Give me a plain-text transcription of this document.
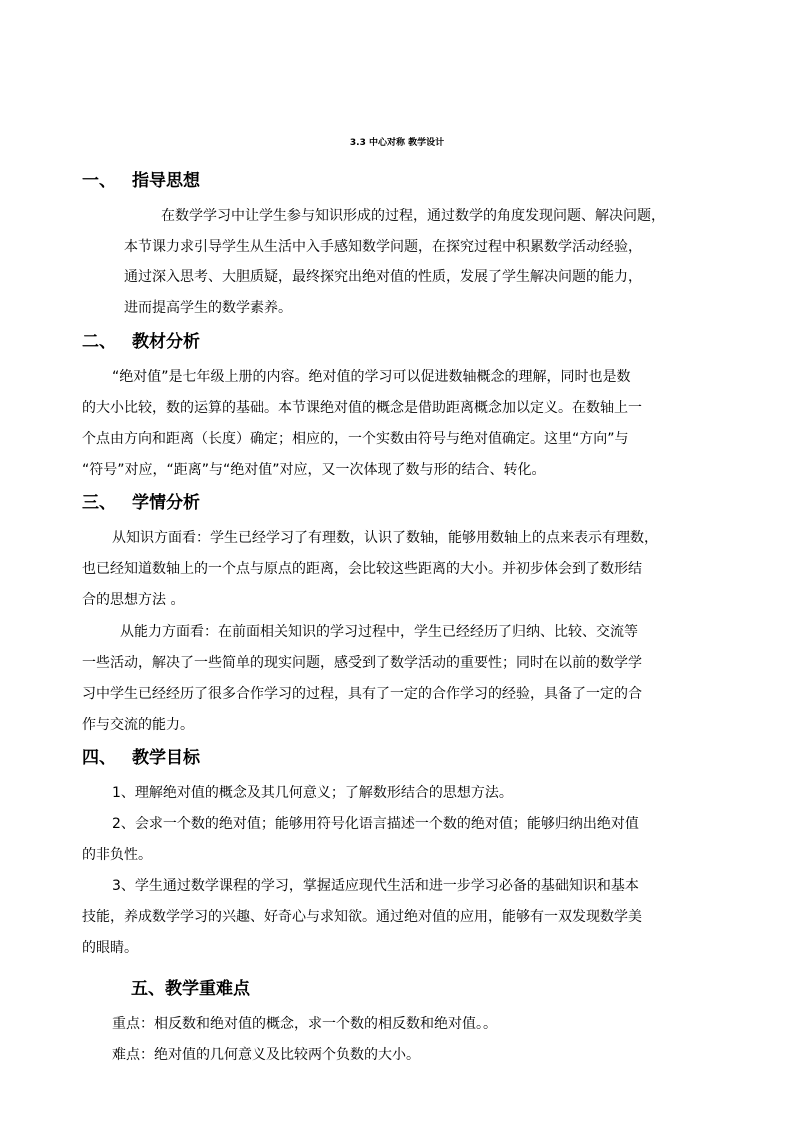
3.3 中心对称 教学设计
一、 指导思想
在数学学习中让学生参与知识形成的过程，通过数学的角度发现问题、解决问题，
本节课力求引导学生从生活中入手感知数学问题，在探究过程中积累数学活动经验，
通过深入思考、大胆质疑，最终探究出绝对值的性质，发展了学生解决问题的能力，
进而提高学生的数学素养。
二、 教材分析
“绝对值”是七年级上册的内容。绝对值的学习可以促进数轴概念的理解，同时也是数
的大小比较，数的运算的基础。本节课绝对值的概念是借助距离概念加以定义。在数轴上一
个点由方向和距离（长度）确定；相应的，一个实数由符号与绝对值确定。这里“方向”与
“符号”对应，“距离”与“绝对值”对应，又一次体现了数与形的结合、转化。
三、 学情分析
从知识方面看：学生已经学习了有理数，认识了数轴，能够用数轴上的点来表示有理数，
也已经知道数轴上的一个点与原点的距离，会比较这些距离的大小。并初步体会到了数形结
合的思想方法 。
从能力方面看：在前面相关知识的学习过程中，学生已经经历了归纳、比较、交流等
一些活动，解决了一些简单的现实问题，感受到了数学活动的重要性；同时在以前的数学学
习中学生已经经历了很多合作学习的过程，具有了一定的合作学习的经验，具备了一定的合
作与交流的能力。
四、 教学目标
1、理解绝对值的概念及其几何意义；了解数形结合的思想方法。
2、会求一个数的绝对值；能够用符号化语言描述一个数的绝对值；能够归纳出绝对值
的非负性。
3、学生通过数学课程的学习，掌握适应现代生活和进一步学习必备的基础知识和基本
技能，养成数学学习的兴趣、好奇心与求知欲。通过绝对值的应用，能够有一双发现数学美
的眼睛。
五、教学重难点
重点：相反数和绝对值的概念，求一个数的相反数和绝对值。。
难点：绝对值的几何意义及比较两个负数的大小。
